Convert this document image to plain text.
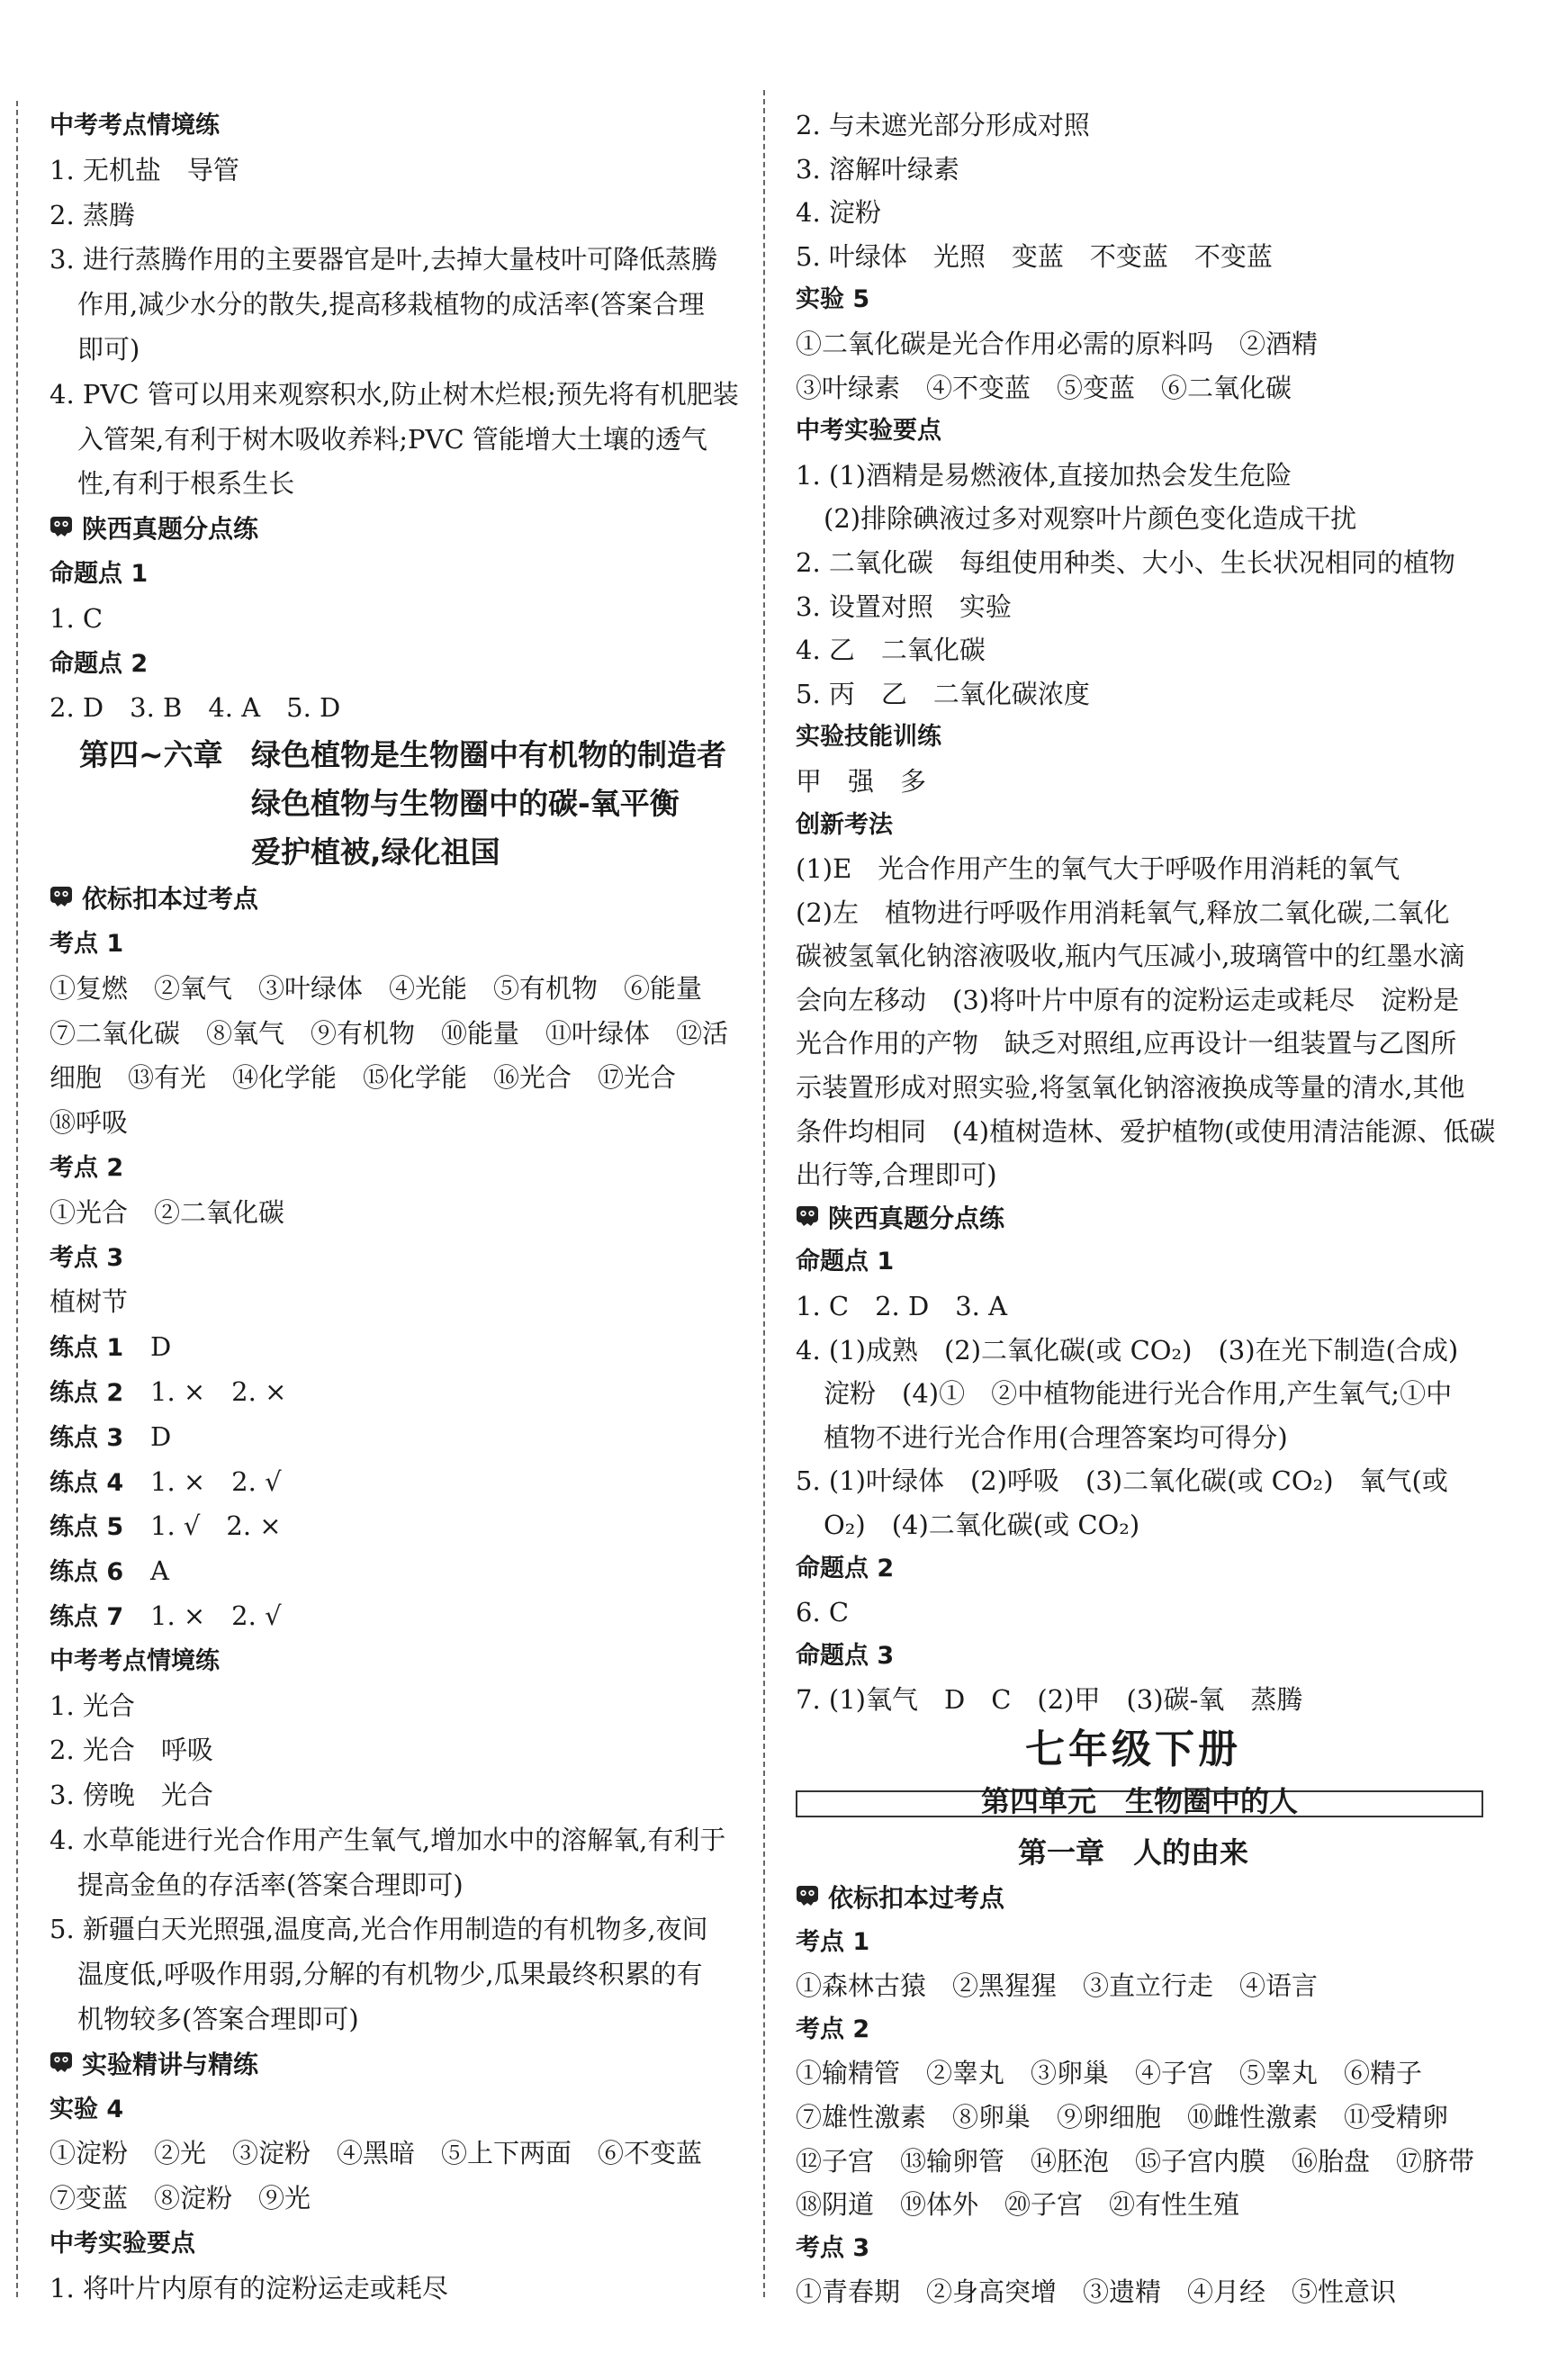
中考考点情境练
1. 无机盐　导管
2. 蒸腾
3. 进行蒸腾作用的主要器官是叶,去掉大量枝叶可降低蒸腾
作用,减少水分的散失,提高移栽植物的成活率(答案合理
即可)
4. PVC 管可以用来观察积水,防止树木烂根;预先将有机肥装
入管架,有利于树木吸收养料;PVC 管能增大土壤的透气
性,有利于根系生长
陕西真题分点练
命题点 1
1. C
命题点 2
2. D　3. B　4. A　5. D
第四~六章 绿色植物是生物圈中有机物的制造者
绿色植物与生物圈中的碳-氧平衡
爱护植被,绿化祖国
依标扣本过考点
考点 1
①复燃　②氧气　③叶绿体　④光能　⑤有机物　⑥能量
⑦二氧化碳　⑧氧气　⑨有机物　⑩能量　⑪叶绿体　⑫活
细胞　⑬有光　⑭化学能　⑮化学能　⑯光合　⑰光合
⑱呼吸
考点 2
①光合　②二氧化碳
考点 3
植树节
练点 1 D
练点 2 1. ×　2. ×
练点 3 D
练点 4 1. ×　2. √
练点 5 1. √　2. ×
练点 6 A
练点 7 1. ×　2. √
中考考点情境练
1. 光合
2. 光合　呼吸
3. 傍晚　光合
4. 水草能进行光合作用产生氧气,增加水中的溶解氧,有利于
提高金鱼的存活率(答案合理即可)
5. 新疆白天光照强,温度高,光合作用制造的有机物多,夜间
温度低,呼吸作用弱,分解的有机物少,瓜果最终积累的有
机物较多(答案合理即可)
实验精讲与精练
实验 4
①淀粉　②光　③淀粉　④黑暗　⑤上下两面　⑥不变蓝
⑦变蓝　⑧淀粉　⑨光
中考实验要点
1. 将叶片内原有的淀粉运走或耗尽
2. 与未遮光部分形成对照
3. 溶解叶绿素
4. 淀粉
5. 叶绿体　光照　变蓝　不变蓝　不变蓝
实验 5
①二氧化碳是光合作用必需的原料吗　②酒精
③叶绿素　④不变蓝　⑤变蓝　⑥二氧化碳
中考实验要点
1. (1)酒精是易燃液体,直接加热会发生危险
(2)排除碘液过多对观察叶片颜色变化造成干扰
2. 二氧化碳　每组使用种类、大小、生长状况相同的植物
3. 设置对照　实验
4. 乙　二氧化碳
5. 丙　乙　二氧化碳浓度
实验技能训练
甲　强　多
创新考法
(1)E　光合作用产生的氧气大于呼吸作用消耗的氧气
(2)左　植物进行呼吸作用消耗氧气,释放二氧化碳,二氧化
碳被氢氧化钠溶液吸收,瓶内气压减小,玻璃管中的红墨水滴
会向左移动　(3)将叶片中原有的淀粉运走或耗尽　淀粉是
光合作用的产物　缺乏对照组,应再设计一组装置与乙图所
示装置形成对照实验,将氢氧化钠溶液换成等量的清水,其他
条件均相同　(4)植树造林、爱护植物(或使用清洁能源、低碳
出行等,合理即可)
陕西真题分点练
命题点 1
1. C　2. D　3. A
4. (1)成熟　(2)二氧化碳(或 CO₂)　(3)在光下制造(合成)
淀粉　(4)①　②中植物能进行光合作用,产生氧气;①中
植物不进行光合作用(合理答案均可得分)
5. (1)叶绿体　(2)呼吸　(3)二氧化碳(或 CO₂)　氧气(或
O₂)　(4)二氧化碳(或 CO₂)
命题点 2
6. C
命题点 3
7. (1)氧气　D　C　(2)甲　(3)碳-氧　蒸腾
七年级下册
第四单元　生物圈中的人
第一章　人的由来
依标扣本过考点
考点 1
①森林古猿　②黑猩猩　③直立行走　④语言
考点 2
①输精管　②睾丸　③卵巢　④子宫　⑤睾丸　⑥精子
⑦雄性激素　⑧卵巢　⑨卵细胞　⑩雌性激素　⑪受精卵
⑫子宫　⑬输卵管　⑭胚泡　⑮子宫内膜　⑯胎盘　⑰脐带
⑱阴道　⑲体外　⑳子宫　㉑有性生殖
考点 3
①青春期　②身高突增　③遗精　④月经　⑤性意识
